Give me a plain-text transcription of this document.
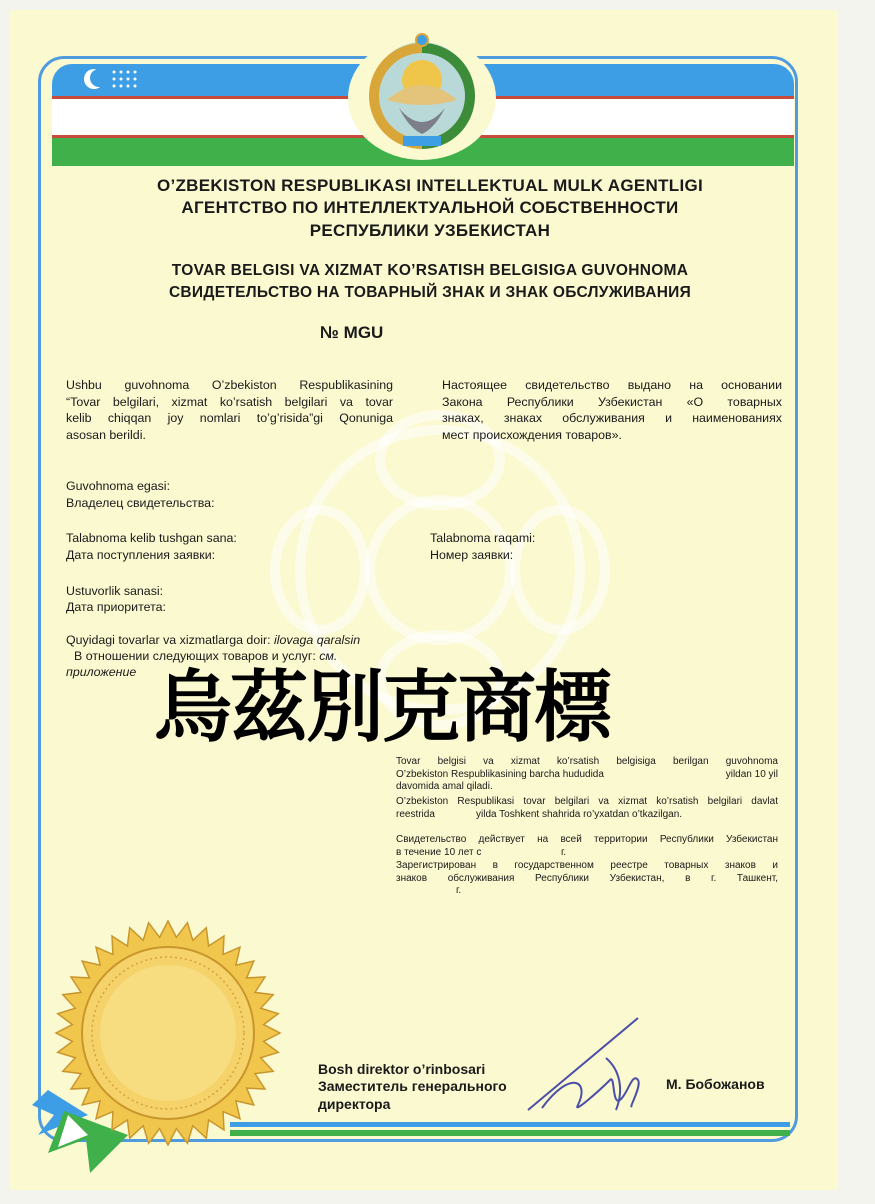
O’ZBEKISTON RESPUBLIKASI INTELLEKTUAL MULK AGENTLIGI

АГЕНТСТВО ПО ИНТЕЛЛЕКТУАЛЬНОЙ СОБСТВЕННОСТИ

РЕСПУБЛИКИ УЗБЕКИСТАН

TOVAR BELGISI VA XIZMAT KO’RSATISH BELGISIGA GUVOHNOMA

СВИДЕТЕЛЬСТВО НА ТОВАРНЫЙ ЗНАК И ЗНАК ОБСЛУЖИВАНИЯ

№ MGU

Ushbu guvohnoma O’zbekiston Respublikasining
“Tovar belgilari, xizmat ko’rsatish belgilari va tovar
kelib chiqqan joy nomlari to’g’risida”gi Qonuniga
asosan berildi.
Настоящее свидетельство выдано на основании
Закона Республики Узбекистан «О товарных
знаках, знаках обслуживания и наименованиях
мест происхождения товаров».

Guvohnoma egasi:

Владелец свидетельства:

Talabnoma kelib tushgan sana:

Дата поступления заявки:

Talabnoma raqami:

Номер заявки:

Ustuvorlik sanasi:

Дата приоритета:

Quyidagi tovarlar va xizmatlarga doir: ilovaga qaralsin

В отношении следующих товаров и услуг: см.

приложение 烏茲別克商標
Tovar belgisi va xizmat ko’rsatish belgisiga berilgan guvohnoma
O’zbekiston Respublikasining barcha hududida	yildan 10 yil
davomida amal qiladi.
O’zbekiston Respublikasi tovar belgilari va xizmat ko’rsatish belgilari davlat
reestrida	yilda Toshkent shahrida ro’yxatdan o’tkazilgan.
Свидетельство действует на всей территории Республики Узбекистан
в течение 10 лет с	г.
Зарегистрирован в государственном реестре товарных знаков и
знаков обслуживания Республики Узбекистан, в г. Ташкент,
г.

Bosh direktor o’rinbosari

Заместитель генерального

директора

М. Бобожанов
